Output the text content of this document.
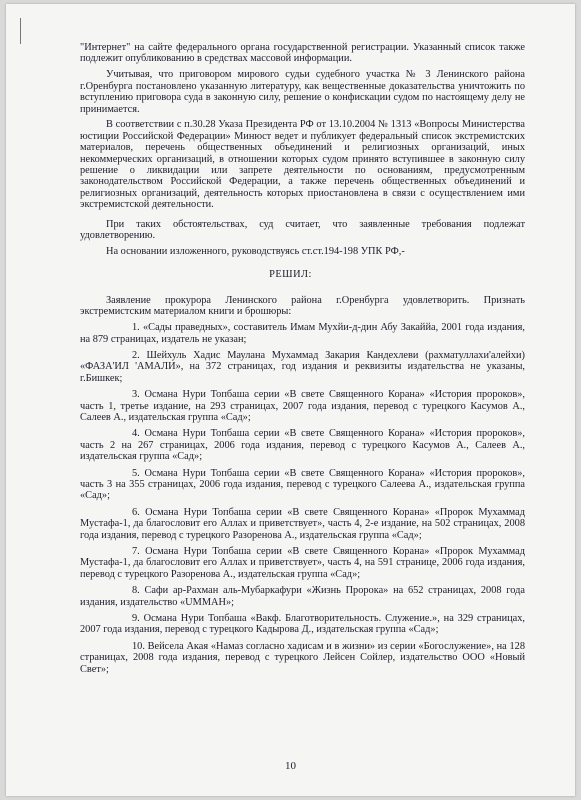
"Интернет" на сайте федерального органа государственной регистрации. Указанный список также подлежит опубликованию в средствах массовой информации.

Учитывая, что приговором мирового судьи судебного участка № 3 Ленинского района г.Оренбурга постановлено указанную литературу, как вещественные доказательства уничтожить по вступлению приговора суда в законную силу, решение о конфискации судом по настоящему делу не принимается.

В соответствии с п.30.28 Указа Президента РФ от 13.10.2004 № 1313 «Вопросы Министерства юстиции Российской Федерации» Минюст ведет и публикует федеральный список экстремистских материалов, перечень общественных объединений и религиозных организаций, иных некоммерческих организаций, в отношении которых судом принято вступившее в законную силу решение о ликвидации или запрете деятельности по основаниям, предусмотренным законодательством Российской Федерации, а также перечень общественных объединений и религиозных организаций, деятельность которых приостановлена в связи с осуществлением ими экстремистской деятельности.

При таких обстоятельствах, суд считает, что заявленные требования подлежат удовлетворению.

На основании изложенного, руководствуясь ст.ст.194-198 УПК РФ,-

РЕШИЛ:

Заявление прокурора Ленинского района г.Оренбурга удовлетворить. Признать экстремистским материалом книги и брошюры:

1. «Сады праведных», составитель Имам Мухйи-д-дин Абу Закаййа, 2001 года издания, на 879 страницах, издатель не указан;

2. Шейхуль Хадис Маулана Мухаммад Закария Кандехлеви (рахматуллахи'алейхи) «ФАЗА'ИЛ 'АМАЛИ», на 372 страницах, год издания и реквизиты издательства не указаны, г.Бишкек;

3. Османа Нури Топбаша серии «В свете Священного Корана» «История пророков», часть 1, третье издание, на 293 страницах, 2007 года издания, перевод с турецкого Касумов А., Салеев А., издательская группа «Сад»;

4. Османа Нури Топбаша серии «В свете Священного Корана» «История пророков», часть 2 на 267 страницах, 2006 года издания, перевод с турецкого Касумов А., Салеев А., издательская группа «Сад»;

5. Османа Нури Топбаша серии «В свете Священного Корана» «История пророков», часть 3 на 355 страницах, 2006 года издания, перевод с турецкого Салеева А., издательская группа «Сад»;

6. Османа Нури Топбаша серии «В свете Священного Корана» «Пророк Мухаммад Мустафа-1, да благословит его Аллах и приветствует», часть 4, 2-е издание, на 502 страницах, 2008 года издания, перевод с турецкого Разоренова А., издательская группа «Сад»;

7. Османа Нури Топбаша серии «В свете Священного Корана» «Пророк Мухаммад Мустафа-1, да благословит его Аллах и приветствует», часть 4, на 591 странице, 2006 года издания, перевод с турецкого Разоренова А., издательская группа «Сад»;

8. Сафи ар-Рахман аль-Мубаркафури «Жизнь Пророка» на 652 страницах, 2008 года издания, издательство «UMMAH»;

9. Османа Нури Топбаша «Вакф. Благотворительность. Служение.», на 329 страницах, 2007 года издания, перевод с турецкого Кадырова Д., издательская группа «Сад»;

10. Вейсела Акая «Намаз согласно хадисам и в жизни» из серии «Богослужение», на 128 страницах, 2008 года издания, перевод с турецкого Лейсен Сойлер, издательство ООО «Новый Свет»;

10
